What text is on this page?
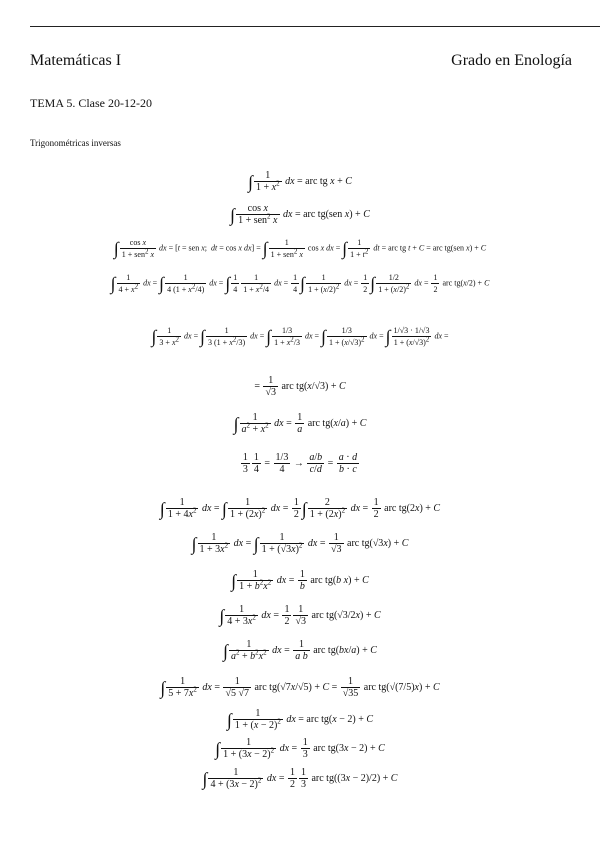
Matemáticas I	Grado en Enología
TEMA 5. Clase 20-12-20
Trigonométricas inversas
∫ $\frac{1}{1 + x^2}$ dx = arc tg x + C
∫	cos x
1 + sen$^2$ x
dx = arc tg(sen x) + C
∫	cos x
1 + sen$^2$ x
dx = [t = sen x;  dt = cos x dx] = ∫	1
1 + sen$^2$ x
cos x dx = ∫ $\frac{1}{1 + t^2}$ dt = arc tg t + C = arc tg(sen x) + C
∫ $\frac{1}{4 + x^2}$ dx = ∫ $\frac{1}{4 (1 + x^2/4)}$ dx = ∫ $\frac{1}{4} \frac{1}{1 + x^2/4}$ dx = $\frac{1}{4}$ ∫ $\frac{1}{1 + (x/2)^2}$ dx = $\frac{1}{2}$ ∫ $\frac{1/2}{1 + (x/2)^2}$ dx = $\frac{1}{2}$ arc tg(x/2) + C
∫ $\frac{1}{3 + x^2}$ dx = ∫ $\frac{1}{3 (1 + x^2/3)}$ dx = ∫ $\frac{1/3}{1 + x^2/3}$ dx = ∫ $\frac{1/3}{1 + (x/√3)^2}$ dx = ∫ $\frac{1/√3 \cdot 1/√3}{1 + (x/√3)^2}$ dx =
= $\frac{1}{√3}$ arc tg(x/√3) + C
∫ $\frac{1}{a^2 + x^2}$ dx = $\frac{1}{a}$ arc tg(x/a) + C
$\frac{1}{3} \frac{1}{4} = \frac{1/3}{4} \to \frac{a/b}{c/d} = \frac{a \cdot d}{b \cdot c}$
∫ $\frac{1}{1 + 4x^2}$ dx = ∫ $\frac{1}{1 + (2x)^2}$ dx = $\frac{1}{2}$ ∫ $\frac{2}{1 + (2x)^2}$ dx = $\frac{1}{2}$ arc tg(2x) + C
∫ $\frac{1}{1 + 3x^2}$ dx = ∫ $\frac{1}{1 + (√3x)^2}$ dx = $\frac{1}{√3}$ arc tg(√3x) + C
∫ $\frac{1}{1 + b^2x^2}$ dx = $\frac{1}{b}$ arc tg(b x) + C
∫ $\frac{1}{4 + 3x^2}$ dx = $\frac{1}{2} \frac{1}{√3}$ arc tg(√3/2x) + C
∫ $\frac{1}{a^2 + b^2x^2}$ dx = $\frac{1}{\text{a b}}$ arc tg(bx/a) + C
∫ $\frac{1}{5 + 7x^2}$ dx = $\frac{1}{√5 √7}$ arc $tg(√7x/√5) + C = \frac{1}{√35}$ arc tg(√(7/5)x) + C
∫ $\frac{1}{1 + (x - 2)^2}$ dx = arc tg(x − 2) + C
∫ $\frac{1}{1 + (3x - 2)^2}$ dx = $\frac{1}{3}$ arc tg(3x − 2) + C
∫ $\frac{1}{4 + (3x - 2)^2}$ dx = $\frac{1}{2} \frac{1}{3}$ arc tg((3x − 2)/2) + C
